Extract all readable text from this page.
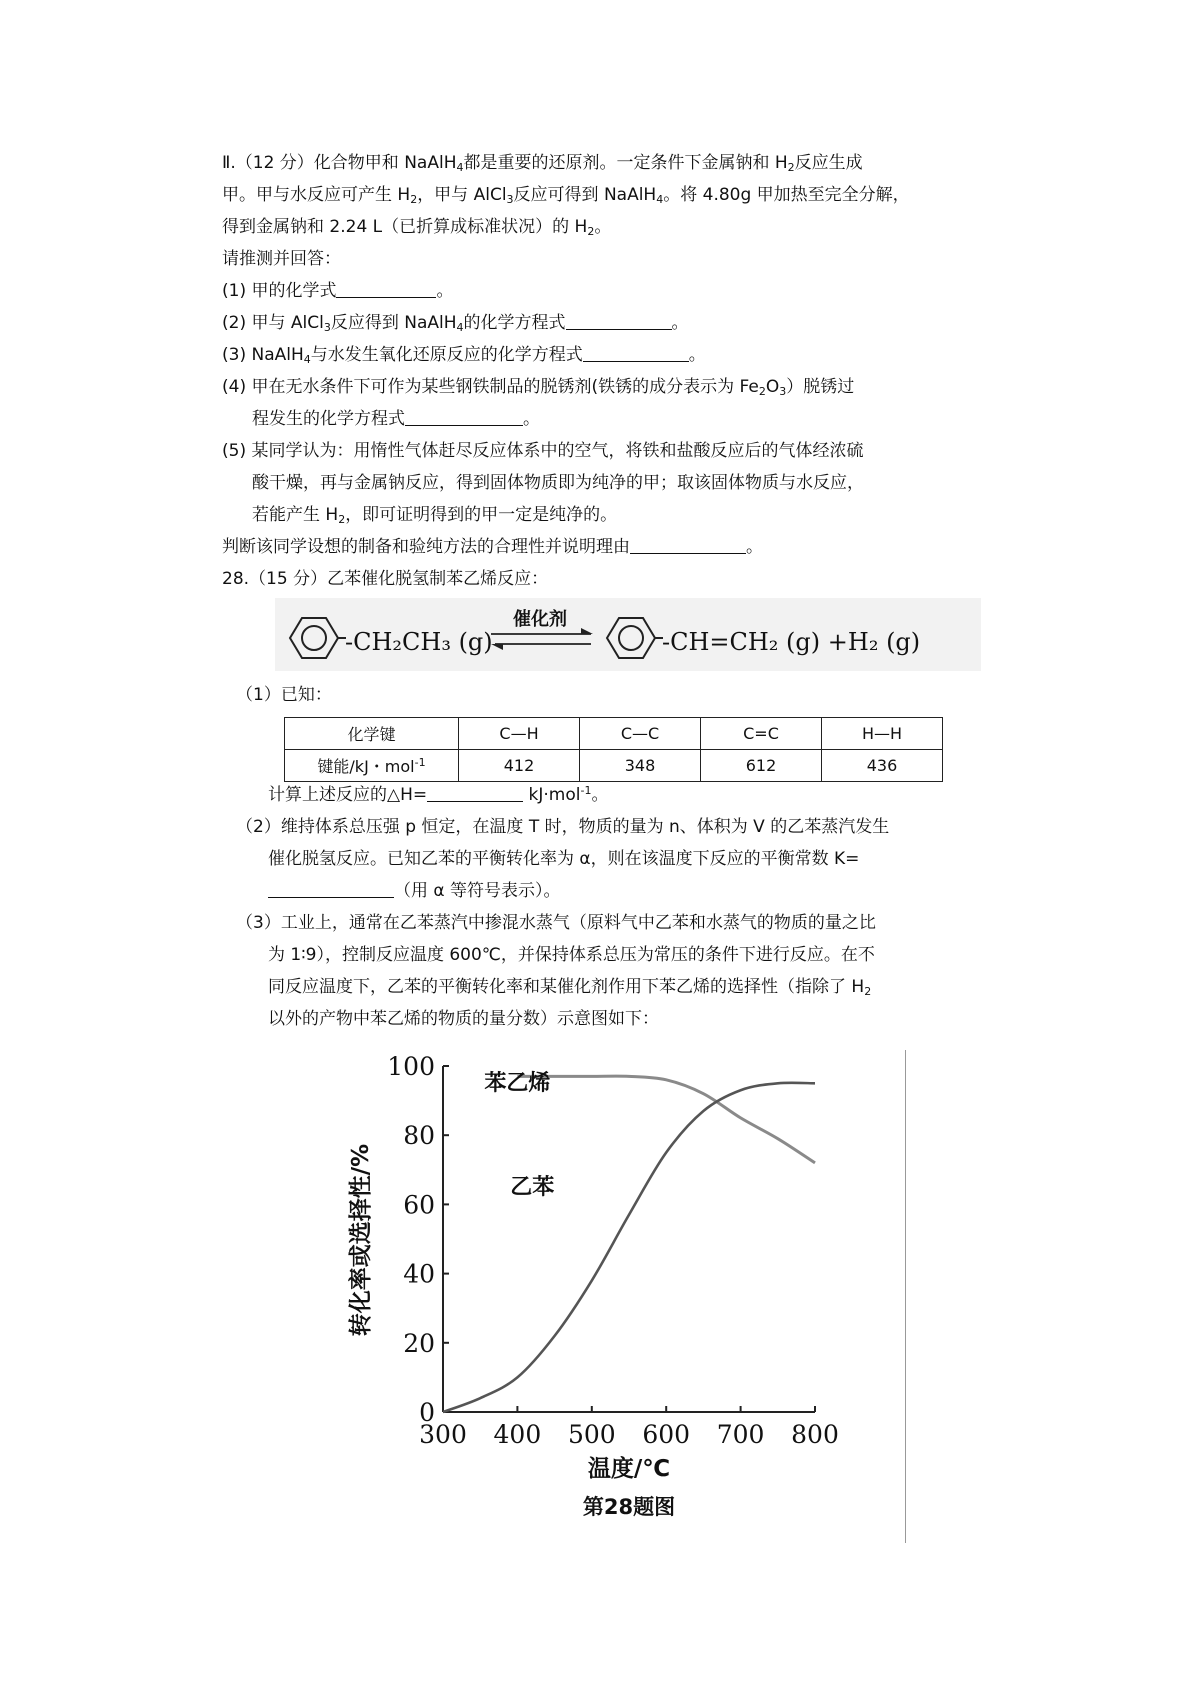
Ⅱ.（12 分）化合物甲和 NaAlH$_4$都是重要的还原剂。一定条件下金属钠和 $H_2$反应生成
甲。甲与水反应可产生 $H_2$，甲与 AlCl$_3$反应可得到 NaAlH$_4$。将 4.80g 甲加热至完全分解，
得到金属钠和 2.24 L（已折算成标准状况）的 $H_2$。
请推测并回答：
(1) 甲的化学式	。
(2) 甲与 AlCl$_3$反应得到 NaAlH$_4$的化学方程式	。
(3) NaAlH$_4$与水发生氧化还原反应的化学方程式	。
(4) 甲在无水条件下可作为某些钢铁制品的脱锈剂(铁锈的成分表示为 $Fe_2O_3$）脱锈过
程发生的化学方程式	。
(5) 某同学认为：用惰性气体赶尽反应体系中的空气，将铁和盐酸反应后的气体经浓硫
酸干燥，再与金属钠反应，得到固体物质即为纯净的甲；取该固体物质与水反应，
若能产生 $H_2$，即可证明得到的甲一定是纯净的。
判断该同学设想的制备和验纯方法的合理性并说明理由	。
28.（15 分）乙苯催化脱氢制苯乙烯反应：
-CH₂CH₃ (g)
催化剂
-CH=CH₂ (g) +H₂ (g)
（1）已知：
化学键	C—H	C—C	C=C	H—H
键能/kJ・mol$^{-1}$	412	348	612	436
计算上述反应的△H=	kJ·mol$^{-1}$。
（2）维持体系总压强 p 恒定，在温度 T 时，物质的量为 n、体积为 V 的乙苯蒸汽发生
催化脱氢反应。已知乙苯的平衡转化率为 α，则在该温度下反应的平衡常数 K=
（用 α 等符号表示）。
（3）工业上，通常在乙苯蒸汽中掺混水蒸气（原料气中乙苯和水蒸气的物质的量之比
为 1∶9），控制反应温度 600℃，并保持体系总压为常压的条件下进行反应。在不
同反应温度下，乙苯的平衡转化率和某催化剂作用下苯乙烯的选择性（指除了 $H_2$
以外的产物中苯乙烯的物质的量分数）示意图如下：
0
20
40
60
80
100
300 400 500 600 700 800
苯乙烯
乙苯
转化率或选择性/%
温度/℃
第28题图
